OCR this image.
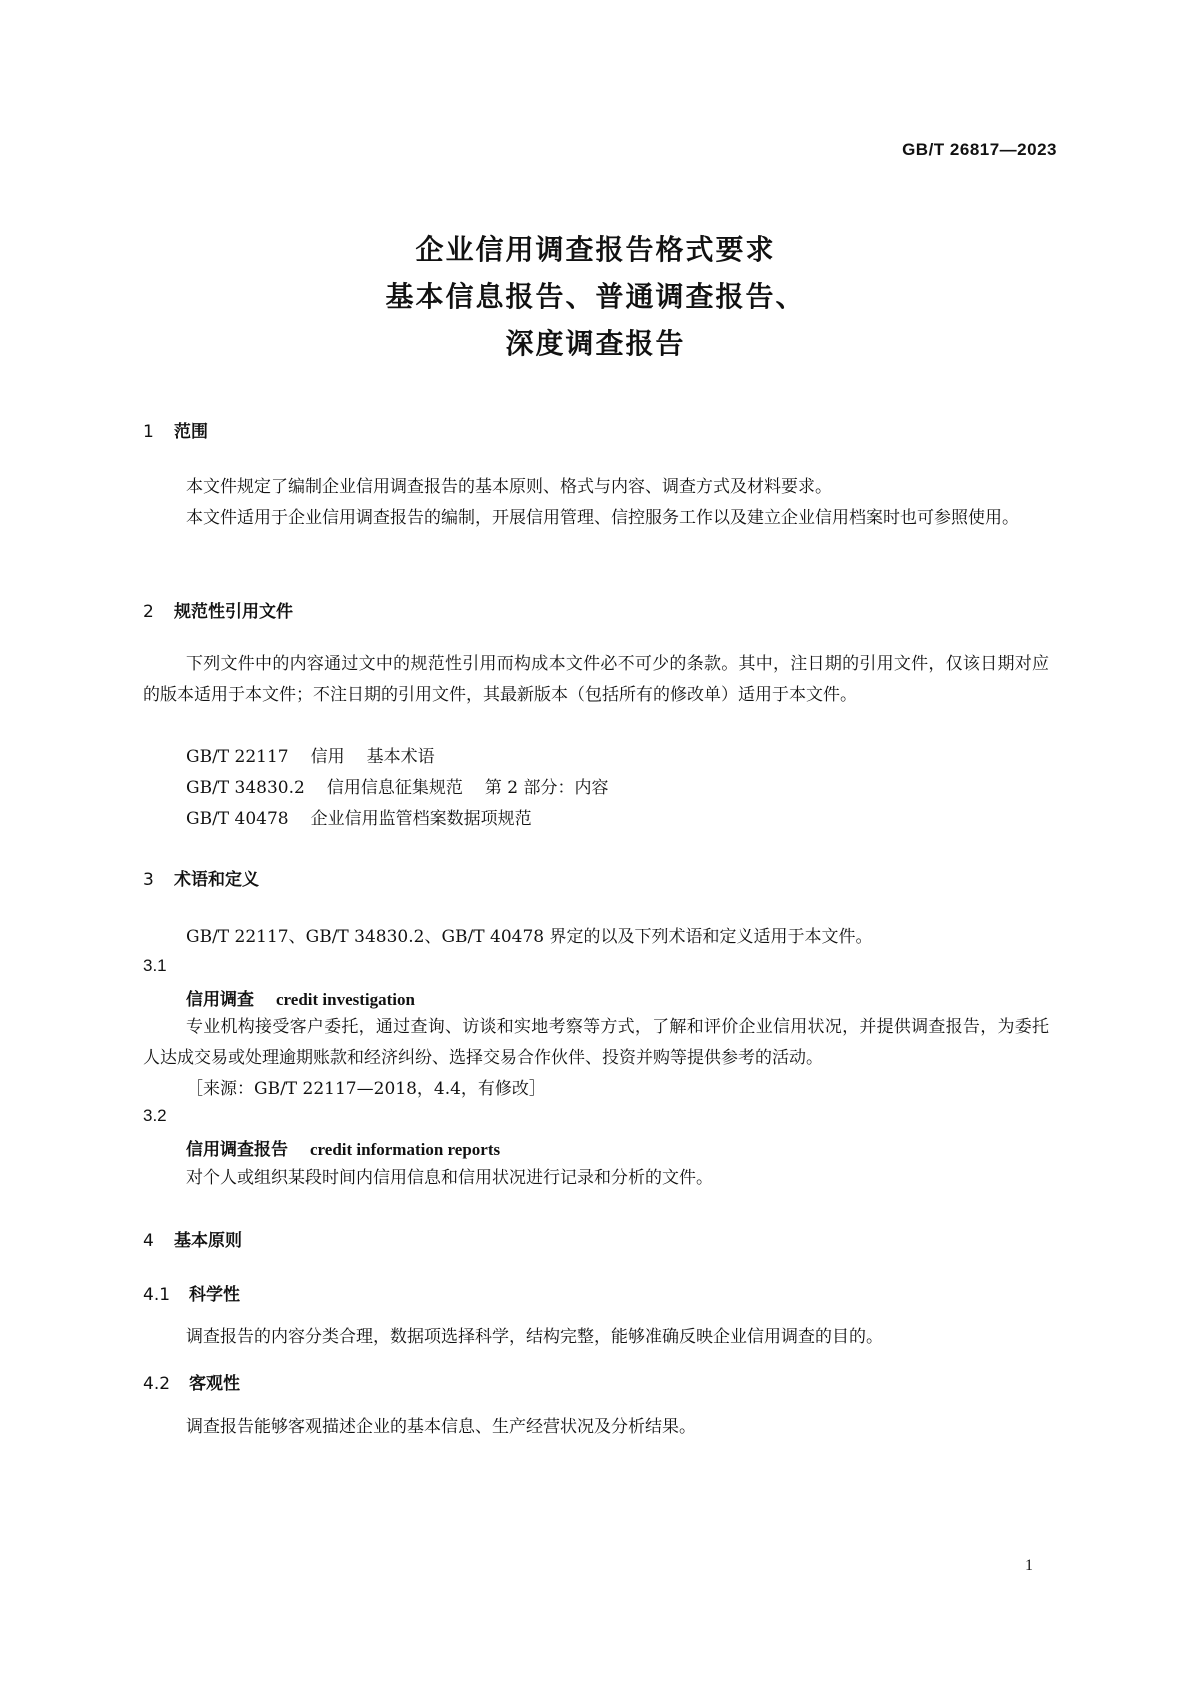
GB/T 26817—2023
企业信用调查报告格式要求
基本信息报告、普通调查报告、
深度调查报告
1 范围
本文件规定了编制企业信用调查报告的基本原则、格式与内容、调查方式及材料要求。
本文件适用于企业信用调查报告的编制，开展信用管理、信控服务工作以及建立企业信用档案时也可参照使用。
2 规范性引用文件
下列文件中的内容通过文中的规范性引用而构成本文件必不可少的条款。其中，注日期的引用文件，仅该日期对应的版本适用于本文件；不注日期的引用文件，其最新版本（包括所有的修改单）适用于本文件。
GB/T 22117 信用 基本术语
GB/T 34830.2 信用信息征集规范 第 2 部分：内容
GB/T 40478 企业信用监管档案数据项规范
3 术语和定义
GB/T 22117、GB/T 34830.2、GB/T 40478 界定的以及下列术语和定义适用于本文件。
3.1
信用调查 credit investigation
专业机构接受客户委托，通过查询、访谈和实地考察等方式，了解和评价企业信用状况，并提供调查报告，为委托人达成交易或处理逾期账款和经济纠纷、选择交易合作伙伴、投资并购等提供参考的活动。
［来源：GB/T 22117—2018，4.4，有修改］
3.2
信用调查报告 credit information reports
对个人或组织某段时间内信用信息和信用状况进行记录和分析的文件。
4 基本原则
4.1 科学性
调查报告的内容分类合理，数据项选择科学，结构完整，能够准确反映企业信用调查的目的。
4.2 客观性
调查报告能够客观描述企业的基本信息、生产经营状况及分析结果。
1
